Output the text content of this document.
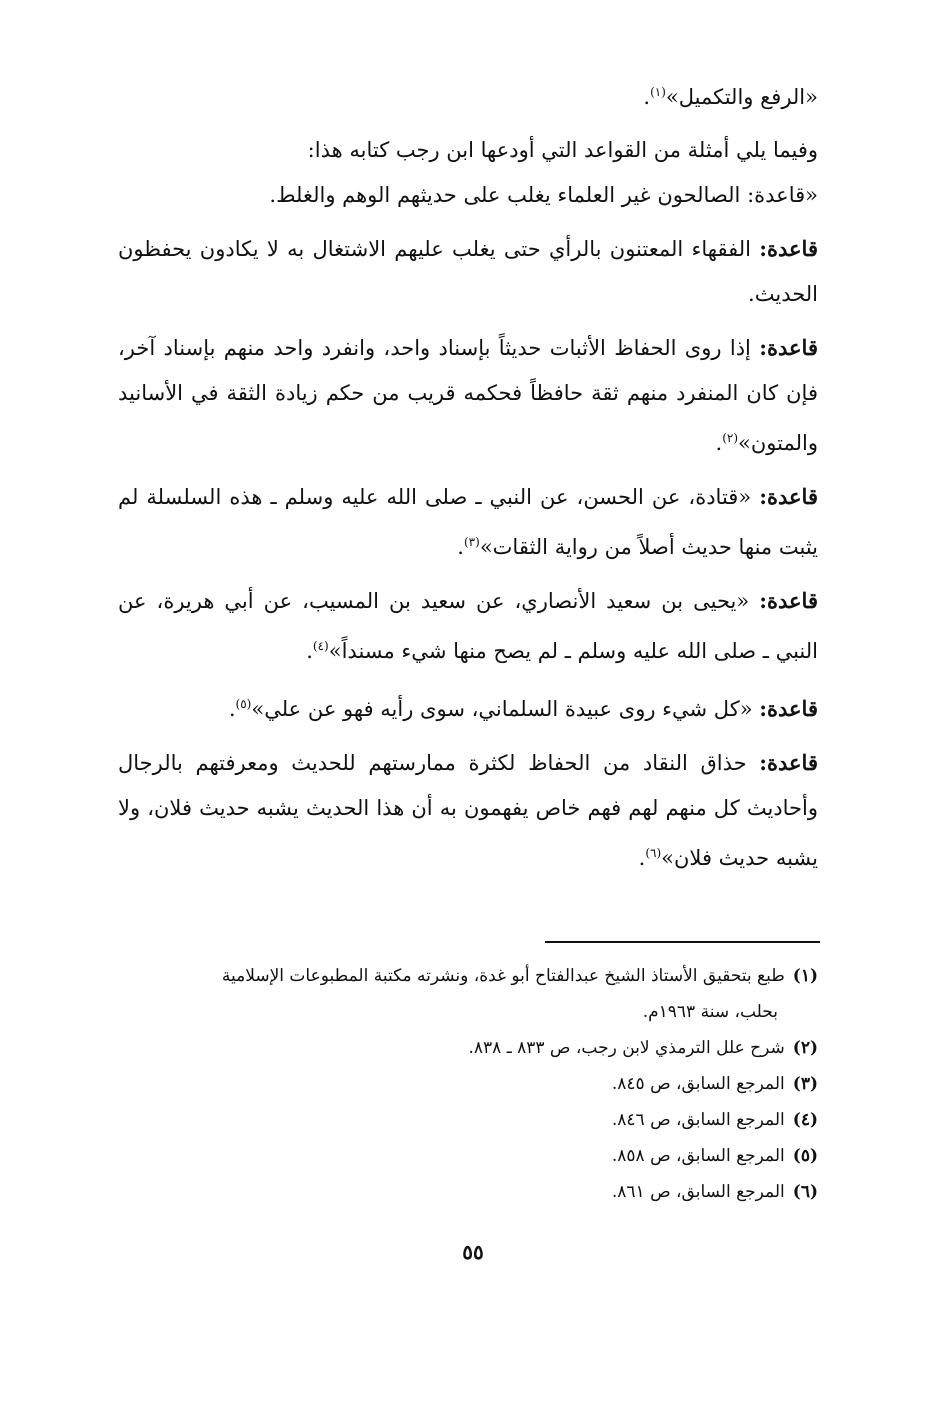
«الرفع والتكميل»$^{(١)}$.

وفيما يلي أمثلة من القواعد التي أودعها ابن رجب كتابه هذا:

«قاعدة: الصالحون غير العلماء يغلب على حديثهم الوهم والغلط.

قاعدة: الفقهاء المعتنون بالرأي حتى يغلب عليهم الاشتغال به لا يكادون يحفظون الحديث.

قاعدة: إذا روى الحفاظ الأثبات حديثاً بإسناد واحد، وانفرد واحد منهم بإسناد آخر، فإن كان المنفرد منهم ثقة حافظاً فحكمه قريب من حكم زيادة الثقة في الأسانيد والمتون»$^{(٢)}$.

قاعدة: «قتادة، عن الحسن، عن النبي ـ صلى الله عليه وسلم ـ هذه السلسلة لم يثبت منها حديث أصلاً من رواية الثقات»$^{(٣)}$.

قاعدة: «يحيى بن سعيد الأنصاري، عن سعيد بن المسيب، عن أبي هريرة، عن النبي ـ صلى الله عليه وسلم ـ لم يصح منها شيء مسنداً»$^{(٤)}$.

قاعدة: «كل شيء روى عبيدة السلماني، سوى رأيه فهو عن علي»$^{(٥)}$.

قاعدة: حذاق النقاد من الحفاظ لكثرة ممارستهم للحديث ومعرفتهم بالرجال وأحاديث كل منهم لهم فهم خاص يفهمون به أن هذا الحديث يشبه حديث فلان، ولا يشبه حديث فلان»$^{(٦)}$.

(١)طبع بتحقيق الأستاذ الشيخ عبدالفتاح أبو غدة، ونشرته مكتبة المطبوعات الإسلامية
بحلب، سنة ١٩٦٣م.

(٢)شرح علل الترمذي لابن رجب، ص ٨٣٣ ـ ٨٣٨.

(٣)المرجع السابق، ص ٨٤٥.

(٤)المرجع السابق، ص ٨٤٦.

(٥)المرجع السابق، ص ٨٥٨.

(٦)المرجع السابق، ص ٨٦١.

٥٥
